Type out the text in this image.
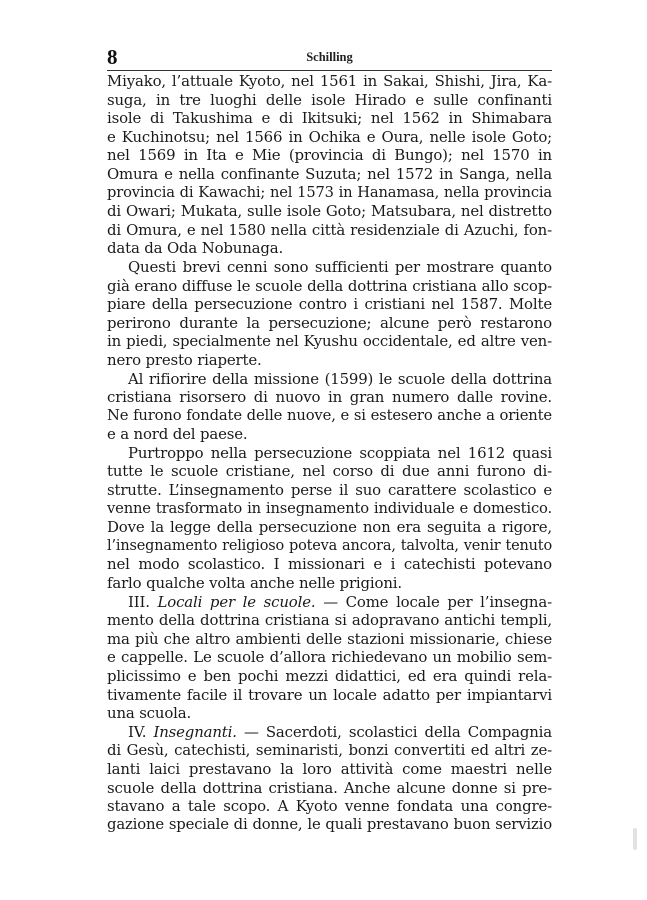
8	Schilling

Miyako, l’attuale Kyoto, nel 1561 in Sakai, Shishi, Jira, Ka-

suga, in tre luoghi delle isole Hirado e sulle confinanti

isole di Takushima e di Ikitsuki; nel 1562 in Shimabara

e Kuchinotsu; nel 1566 in Ochika e Oura, nelle isole Goto;

nel 1569 in Ita e Mie (provincia di Bungo); nel 1570 in

Omura e nella confinante Suzuta; nel 1572 in Sanga, nella

provincia di Kawachi; nel 1573 in Hanamasa, nella provincia

di Owari; Mukata, sulle isole Goto; Matsubara, nel distretto

di Omura, e nel 1580 nella città residenziale di Azuchi, fon-

data da Oda Nobunaga.

Questi brevi cenni sono sufficienti per mostrare quanto

già erano diffuse le scuole della dottrina cristiana allo scop-

piare della persecuzione contro i cristiani nel 1587. Molte

perirono durante la persecuzione; alcune però restarono

in piedi, specialmente nel Kyushu occidentale, ed altre ven-

nero presto riaperte.

Al rifiorire della missione (1599) le scuole della dottrina

cristiana risorsero di nuovo in gran numero dalle rovine.

Ne furono fondate delle nuove, e si estesero anche a oriente

e a nord del paese.

Purtroppo nella persecuzione scoppiata nel 1612 quasi

tutte le scuole cristiane, nel corso di due anni furono di-

strutte. L’insegnamento perse il suo carattere scolastico e

venne trasformato in insegnamento individuale e domestico.

Dove la legge della persecuzione non era seguita a rigore,

l’insegnamento religioso poteva ancora, talvolta, venir tenuto

nel modo scolastico. I missionari e i catechisti potevano

farlo qualche volta anche nelle prigioni.

III. Locali per le scuole. — Come locale per l’insegna-

mento della dottrina cristiana si adopravano antichi templi,

ma più che altro ambienti delle stazioni missionarie, chiese

e cappelle. Le scuole d’allora richiedevano un mobilio sem-

plicissimo e ben pochi mezzi didattici, ed era quindi rela-

tivamente facile il trovare un locale adatto per impiantarvi

una scuola.

IV. Insegnanti. — Sacerdoti, scolastici della Compagnia

di Gesù, catechisti, seminaristi, bonzi convertiti ed altri ze-

lanti laici prestavano la loro attività come maestri nelle

scuole della dottrina cristiana. Anche alcune donne si pre-

stavano a tale scopo. A Kyoto venne fondata una congre-

gazione speciale di donne, le quali prestavano buon servizio
